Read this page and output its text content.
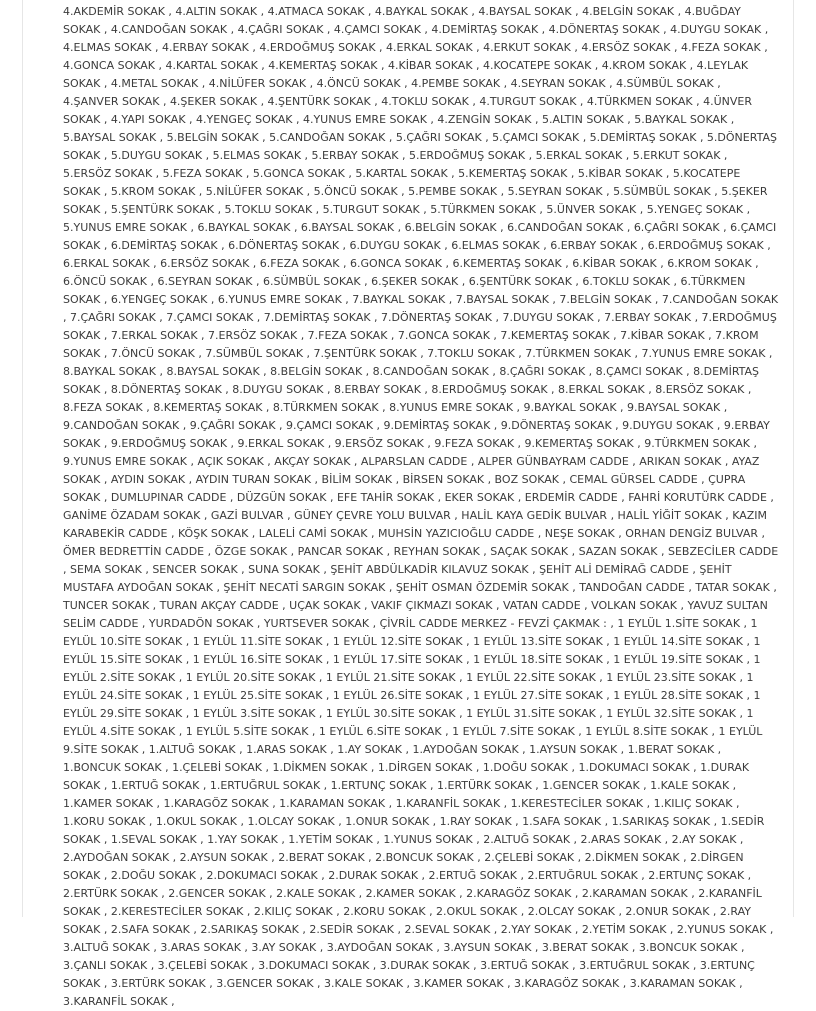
4.AKDEMİR SOKAK , 4.ALTIN SOKAK , 4.ATMACA SOKAK , 4.BAYKAL SOKAK , 4.BAYSAL SOKAK , 4.BELGİN SOKAK , 4.BUĞDAY SOKAK , 4.CANDOĞAN SOKAK , 4.ÇAĞRI SOKAK , 4.ÇAMCI SOKAK , 4.DEMİRTAŞ SOKAK , 4.DÖNERTAŞ SOKAK , 4.DUYGU SOKAK , 4.ELMAS SOKAK , 4.ERBAY SOKAK , 4.ERDOĞMUŞ SOKAK , 4.ERKAL SOKAK , 4.ERKUT SOKAK , 4.ERSÖZ SOKAK , 4.FEZA SOKAK , 4.GONCA SOKAK , 4.KARTAL SOKAK , 4.KEMERTAŞ SOKAK , 4.KİBAR SOKAK , 4.KOCATEPE SOKAK , 4.KROM SOKAK , 4.LEYLAK SOKAK , 4.METAL SOKAK , 4.NİLÜFER SOKAK , 4.ÖNCÜ SOKAK , 4.PEMBE SOKAK , 4.SEYRAN SOKAK , 4.SÜMBÜL SOKAK , 4.ŞANVER SOKAK , 4.ŞEKER SOKAK , 4.ŞENTÜRK SOKAK , 4.TOKLU SOKAK , 4.TURGUT SOKAK , 4.TÜRKMEN SOKAK , 4.ÜNVER SOKAK , 4.YAPI SOKAK , 4.YENGEÇ SOKAK , 4.YUNUS EMRE SOKAK , 4.ZENGİN SOKAK , 5.ALTIN SOKAK , 5.BAYKAL SOKAK , 5.BAYSAL SOKAK , 5.BELGİN SOKAK , 5.CANDOĞAN SOKAK , 5.ÇAĞRI SOKAK , 5.ÇAMCI SOKAK , 5.DEMİRTAŞ SOKAK , 5.DÖNERTAŞ SOKAK , 5.DUYGU SOKAK , 5.ELMAS SOKAK , 5.ERBAY SOKAK , 5.ERDOĞMUŞ SOKAK , 5.ERKAL SOKAK , 5.ERKUT SOKAK , 5.ERSÖZ SOKAK , 5.FEZA SOKAK , 5.GONCA SOKAK , 5.KARTAL SOKAK , 5.KEMERTAŞ SOKAK , 5.KİBAR SOKAK , 5.KOCATEPE SOKAK , 5.KROM SOKAK , 5.NİLÜFER SOKAK , 5.ÖNCÜ SOKAK , 5.PEMBE SOKAK , 5.SEYRAN SOKAK , 5.SÜMBÜL SOKAK , 5.ŞEKER SOKAK , 5.ŞENTÜRK SOKAK , 5.TOKLU SOKAK , 5.TURGUT SOKAK , 5.TÜRKMEN SOKAK , 5.ÜNVER SOKAK , 5.YENGEÇ SOKAK , 5.YUNUS EMRE SOKAK , 6.BAYKAL SOKAK , 6.BAYSAL SOKAK , 6.BELGİN SOKAK , 6.CANDOĞAN SOKAK , 6.ÇAĞRI SOKAK , 6.ÇAMCI SOKAK , 6.DEMİRTAŞ SOKAK , 6.DÖNERTAŞ SOKAK , 6.DUYGU SOKAK , 6.ELMAS SOKAK , 6.ERBAY SOKAK , 6.ERDOĞMUŞ SOKAK , 6.ERKAL SOKAK , 6.ERSÖZ SOKAK , 6.FEZA SOKAK , 6.GONCA SOKAK , 6.KEMERTAŞ SOKAK , 6.KİBAR SOKAK , 6.KROM SOKAK , 6.ÖNCÜ SOKAK , 6.SEYRAN SOKAK , 6.SÜMBÜL SOKAK , 6.ŞEKER SOKAK , 6.ŞENTÜRK SOKAK , 6.TOKLU SOKAK , 6.TÜRKMEN SOKAK , 6.YENGEÇ SOKAK , 6.YUNUS EMRE SOKAK , 7.BAYKAL SOKAK , 7.BAYSAL SOKAK , 7.BELGİN SOKAK , 7.CANDOĞAN SOKAK , 7.ÇAĞRI SOKAK , 7.ÇAMCI SOKAK , 7.DEMİRTAŞ SOKAK , 7.DÖNERTAŞ SOKAK , 7.DUYGU SOKAK , 7.ERBAY SOKAK , 7.ERDOĞMUŞ SOKAK , 7.ERKAL SOKAK , 7.ERSÖZ SOKAK , 7.FEZA SOKAK , 7.GONCA SOKAK , 7.KEMERTAŞ SOKAK , 7.KİBAR SOKAK , 7.KROM SOKAK , 7.ÖNCÜ SOKAK , 7.SÜMBÜL SOKAK , 7.ŞENTÜRK SOKAK , 7.TOKLU SOKAK , 7.TÜRKMEN SOKAK , 7.YUNUS EMRE SOKAK , 8.BAYKAL SOKAK , 8.BAYSAL SOKAK , 8.BELGİN SOKAK , 8.CANDOĞAN SOKAK , 8.ÇAĞRI SOKAK , 8.ÇAMCI SOKAK , 8.DEMİRTAŞ SOKAK , 8.DÖNERTAŞ SOKAK , 8.DUYGU SOKAK , 8.ERBAY SOKAK , 8.ERDOĞMUŞ SOKAK , 8.ERKAL SOKAK , 8.ERSÖZ SOKAK , 8.FEZA SOKAK , 8.KEMERTAŞ SOKAK , 8.TÜRKMEN SOKAK , 8.YUNUS EMRE SOKAK , 9.BAYKAL SOKAK , 9.BAYSAL SOKAK , 9.CANDOĞAN SOKAK , 9.ÇAĞRI SOKAK , 9.ÇAMCI SOKAK , 9.DEMİRTAŞ SOKAK , 9.DÖNERTAŞ SOKAK , 9.DUYGU SOKAK , 9.ERBAY SOKAK , 9.ERDOĞMUŞ SOKAK , 9.ERKAL SOKAK , 9.ERSÖZ SOKAK , 9.FEZA SOKAK , 9.KEMERTAŞ SOKAK , 9.TÜRKMEN SOKAK , 9.YUNUS EMRE SOKAK , AÇIK SOKAK , AKÇAY SOKAK , ALPARSLAN CADDE , ALPER GÜNBAYRAM CADDE , ARIKAN SOKAK , AYAZ SOKAK , AYDIN SOKAK , AYDIN TURAN SOKAK , BİLİM SOKAK , BİRSEN SOKAK , BOZ SOKAK , CEMAL GÜRSEL CADDE , ÇUPRA SOKAK , DUMLUPINAR CADDE , DÜZGÜN SOKAK , EFE TAHİR SOKAK , EKER SOKAK , ERDEMİR CADDE , FAHRİ KORUTÜRK CADDE , GANİME ÖZADAM SOKAK , GAZİ BULVAR , GÜNEY ÇEVRE YOLU BULVAR , HALİL KAYA GEDİK BULVAR , HALİL YİĞİT SOKAK , KAZIM KARABEKİR CADDE , KÖŞK SOKAK , LALELİ CAMİ SOKAK , MUHSİN YAZICIOĞLU CADDE , NEŞE SOKAK , ORHAN DENGİZ BULVAR , ÖMER BEDRETTİN CADDE , ÖZGE SOKAK , PANCAR SOKAK , REYHAN SOKAK , SAÇAK SOKAK , SAZAN SOKAK , SEBZECİLER CADDE , SEMA SOKAK , SENCER SOKAK , SUNA SOKAK , ŞEHİT ABDÜLKADİR KILAVUZ SOKAK , ŞEHİT ALİ DEMİRAĞ CADDE , ŞEHİT MUSTAFA AYDOĞAN SOKAK , ŞEHİT NECATİ SARGIN SOKAK , ŞEHİT OSMAN ÖZDEMİR SOKAK , TANDOĞAN CADDE , TATAR SOKAK , TUNCER SOKAK , TURAN AKÇAY CADDE , UÇAK SOKAK , VAKIF ÇIKMAZI SOKAK , VATAN CADDE , VOLKAN SOKAK , YAVUZ SULTAN SELİM CADDE , YURDADÖN SOKAK , YURTSEVER SOKAK , ÇİVRİL CADDE MERKEZ - FEVZİ ÇAKMAK : , 1 EYLÜL 1.SİTE SOKAK , 1 EYLÜL 10.SİTE SOKAK , 1 EYLÜL 11.SİTE SOKAK , 1 EYLÜL 12.SİTE SOKAK , 1 EYLÜL 13.SİTE SOKAK , 1 EYLÜL 14.SİTE SOKAK , 1 EYLÜL 15.SİTE SOKAK , 1 EYLÜL 16.SİTE SOKAK , 1 EYLÜL 17.SİTE SOKAK , 1 EYLÜL 18.SİTE SOKAK , 1 EYLÜL 19.SİTE SOKAK , 1 EYLÜL 2.SİTE SOKAK , 1 EYLÜL 20.SİTE SOKAK , 1 EYLÜL 21.SİTE SOKAK , 1 EYLÜL 22.SİTE SOKAK , 1 EYLÜL 23.SİTE SOKAK , 1 EYLÜL 24.SİTE SOKAK , 1 EYLÜL 25.SİTE SOKAK , 1 EYLÜL 26.SİTE SOKAK , 1 EYLÜL 27.SİTE SOKAK , 1 EYLÜL 28.SİTE SOKAK , 1 EYLÜL 29.SİTE SOKAK , 1 EYLÜL 3.SİTE SOKAK , 1 EYLÜL 30.SİTE SOKAK , 1 EYLÜL 31.SİTE SOKAK , 1 EYLÜL 32.SİTE SOKAK , 1 EYLÜL 4.SİTE SOKAK , 1 EYLÜL 5.SİTE SOKAK , 1 EYLÜL 6.SİTE SOKAK , 1 EYLÜL 7.SİTE SOKAK , 1 EYLÜL 8.SİTE SOKAK , 1 EYLÜL 9.SİTE SOKAK , 1.ALTUĞ SOKAK , 1.ARAS SOKAK , 1.AY SOKAK , 1.AYDOĞAN SOKAK , 1.AYSUN SOKAK , 1.BERAT SOKAK , 1.BONCUK SOKAK , 1.ÇELEBİ SOKAK , 1.DİKMEN SOKAK , 1.DİRGEN SOKAK , 1.DOĞU SOKAK , 1.DOKUMACI SOKAK , 1.DURAK SOKAK , 1.ERTUĞ SOKAK , 1.ERTUĞRUL SOKAK , 1.ERTUNÇ SOKAK , 1.ERTÜRK SOKAK , 1.GENCER SOKAK , 1.KALE SOKAK , 1.KAMER SOKAK , 1.KARAGÖZ SOKAK , 1.KARAMAN SOKAK , 1.KARANFİL SOKAK , 1.KERESTECİLER SOKAK , 1.KILIÇ SOKAK , 1.KORU SOKAK , 1.OKUL SOKAK , 1.OLCAY SOKAK , 1.ONUR SOKAK , 1.RAY SOKAK , 1.SAFA SOKAK , 1.SARIKAŞ SOKAK , 1.SEDİR SOKAK , 1.SEVAL SOKAK , 1.YAY SOKAK , 1.YETİM SOKAK , 1.YUNUS SOKAK , 2.ALTUĞ SOKAK , 2.ARAS SOKAK , 2.AY SOKAK , 2.AYDOĞAN SOKAK , 2.AYSUN SOKAK , 2.BERAT SOKAK , 2.BONCUK SOKAK , 2.ÇELEBİ SOKAK , 2.DİKMEN SOKAK , 2.DİRGEN SOKAK , 2.DOĞU SOKAK , 2.DOKUMACI SOKAK , 2.DURAK SOKAK , 2.ERTUĞ SOKAK , 2.ERTUĞRUL SOKAK , 2.ERTUNÇ SOKAK , 2.ERTÜRK SOKAK , 2.GENCER SOKAK , 2.KALE SOKAK , 2.KAMER SOKAK , 2.KARAGÖZ SOKAK , 2.KARAMAN SOKAK , 2.KARANFİL SOKAK , 2.KERESTECİLER SOKAK , 2.KILIÇ SOKAK , 2.KORU SOKAK , 2.OKUL SOKAK , 2.OLCAY SOKAK , 2.ONUR SOKAK , 2.RAY SOKAK , 2.SAFA SOKAK , 2.SARIKAŞ SOKAK , 2.SEDİR SOKAK , 2.SEVAL SOKAK , 2.YAY SOKAK , 2.YETİM SOKAK , 2.YUNUS SOKAK , 3.ALTUĞ SOKAK , 3.ARAS SOKAK , 3.AY SOKAK , 3.AYDOĞAN SOKAK , 3.AYSUN SOKAK , 3.BERAT SOKAK , 3.BONCUK SOKAK , 3.ÇANLI SOKAK , 3.ÇELEBİ SOKAK , 3.DOKUMACI SOKAK , 3.DURAK SOKAK , 3.ERTUĞ SOKAK , 3.ERTUĞRUL SOKAK , 3.ERTUNÇ SOKAK , 3.ERTÜRK SOKAK , 3.GENCER SOKAK , 3.KALE SOKAK , 3.KAMER SOKAK , 3.KARAGÖZ SOKAK , 3.KARAMAN SOKAK , 3.KARANFİL SOKAK ,
